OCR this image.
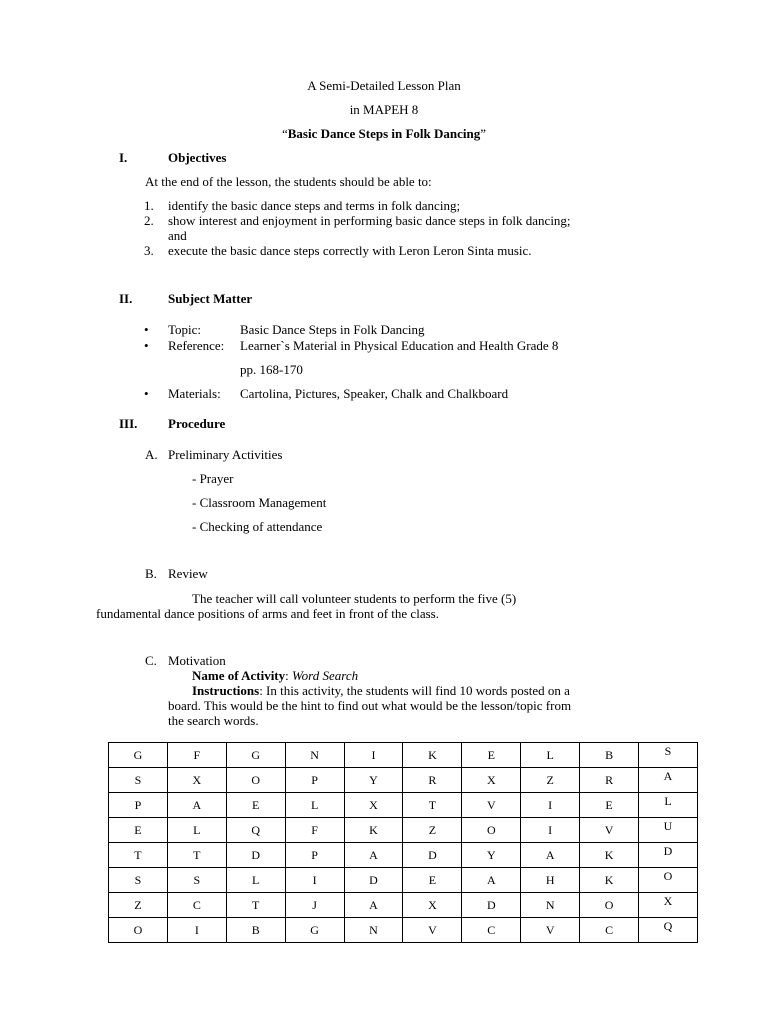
A Semi-Detailed Lesson Plan
in MAPEH 8
“Basic Dance Steps in Folk Dancing”
I.	Objectives
At the end of the lesson, the students should be able to:
1. identify the basic dance steps and terms in folk dancing;
2. show interest and enjoyment in performing basic dance steps in folk dancing;
and
3. execute the basic dance steps correctly with Leron Leron Sinta music.
II.	Subject Matter
• Topic:	Basic Dance Steps in Folk Dancing
• Reference: Learner`s Material in Physical Education and Health Grade 8
pp. 168-170
• Materials: Cartolina, Pictures, Speaker, Chalk and Chalkboard
III. Procedure
A. Preliminary Activities
- Prayer
- Classroom Management
- Checking of attendance
B. Review
The teacher will call volunteer students to perform the five (5)
fundamental dance positions of arms and feet in front of the class.
C. Motivation
Name of Activity: Word Search
Instructions: In this activity, the students will find 10 words posted on a
board. This would be the hint to find out what would be the lesson/topic from
the search words.
G	F	G	N	I	K	E	L	B	S
S	X	O	P	Y	R	X	Z	R	A
P	A	E	L	X	T	V	I	E	L
E	L	Q	F	K	Z	O	I	V	U
T	T	D	P	A	D	Y	A	K	D
S	S	L	I	D	E	A	H	K	O
Z	C	T	J	A	X	D	N	O	X
O	I	B	G	N	V	C	V	C	Q
